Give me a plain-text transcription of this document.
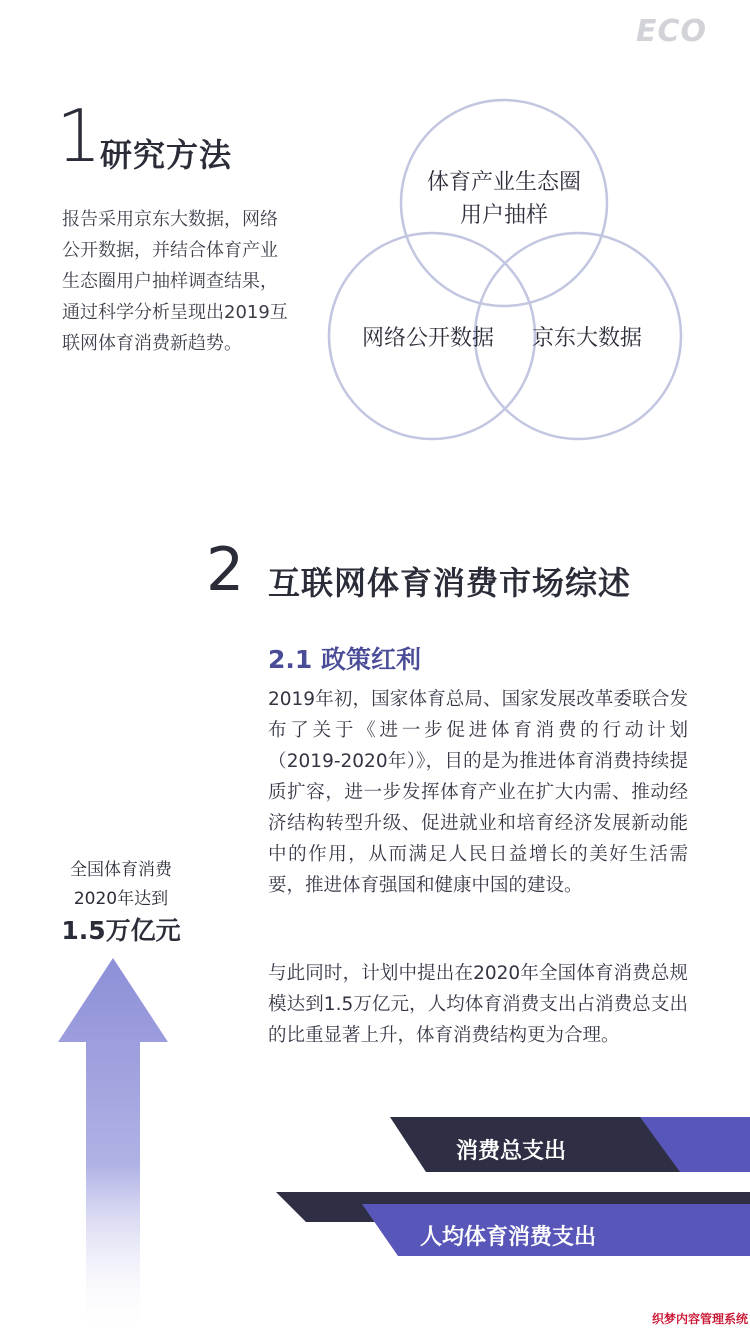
ECO
1
研究方法
报告采用京东大数据，网络公开数据，并结合体育产业生态圈用户抽样调查结果，通过科学分析呈现出2019互联网体育消费新趋势。
体育产业生态圈
用户抽样
网络公开数据 京东大数据
2 互联网体育消费市场综述
2.1 政策红利
2019年初，国家体育总局、国家发展改革委联合发布了关于《进一步促进体育消费的行动计划（2019-2020年）》，目的是为推进体育消费持续提质扩容，进一步发挥体育产业在扩大内需、推动经济结构转型升级、促进就业和培育经济发展新动能中的作用，从而满足人民日益增长的美好生活需要，推进体育强国和健康中国的建设。
与此同时，计划中提出在2020年全国体育消费总规模达到1.5万亿元，人均体育消费支出占消费总支出的比重显著上升，体育消费结构更为合理。
全国体育消费
2020年达到
1.5万亿元
消费总支出
人均体育消费支出
织梦内容管理系统
